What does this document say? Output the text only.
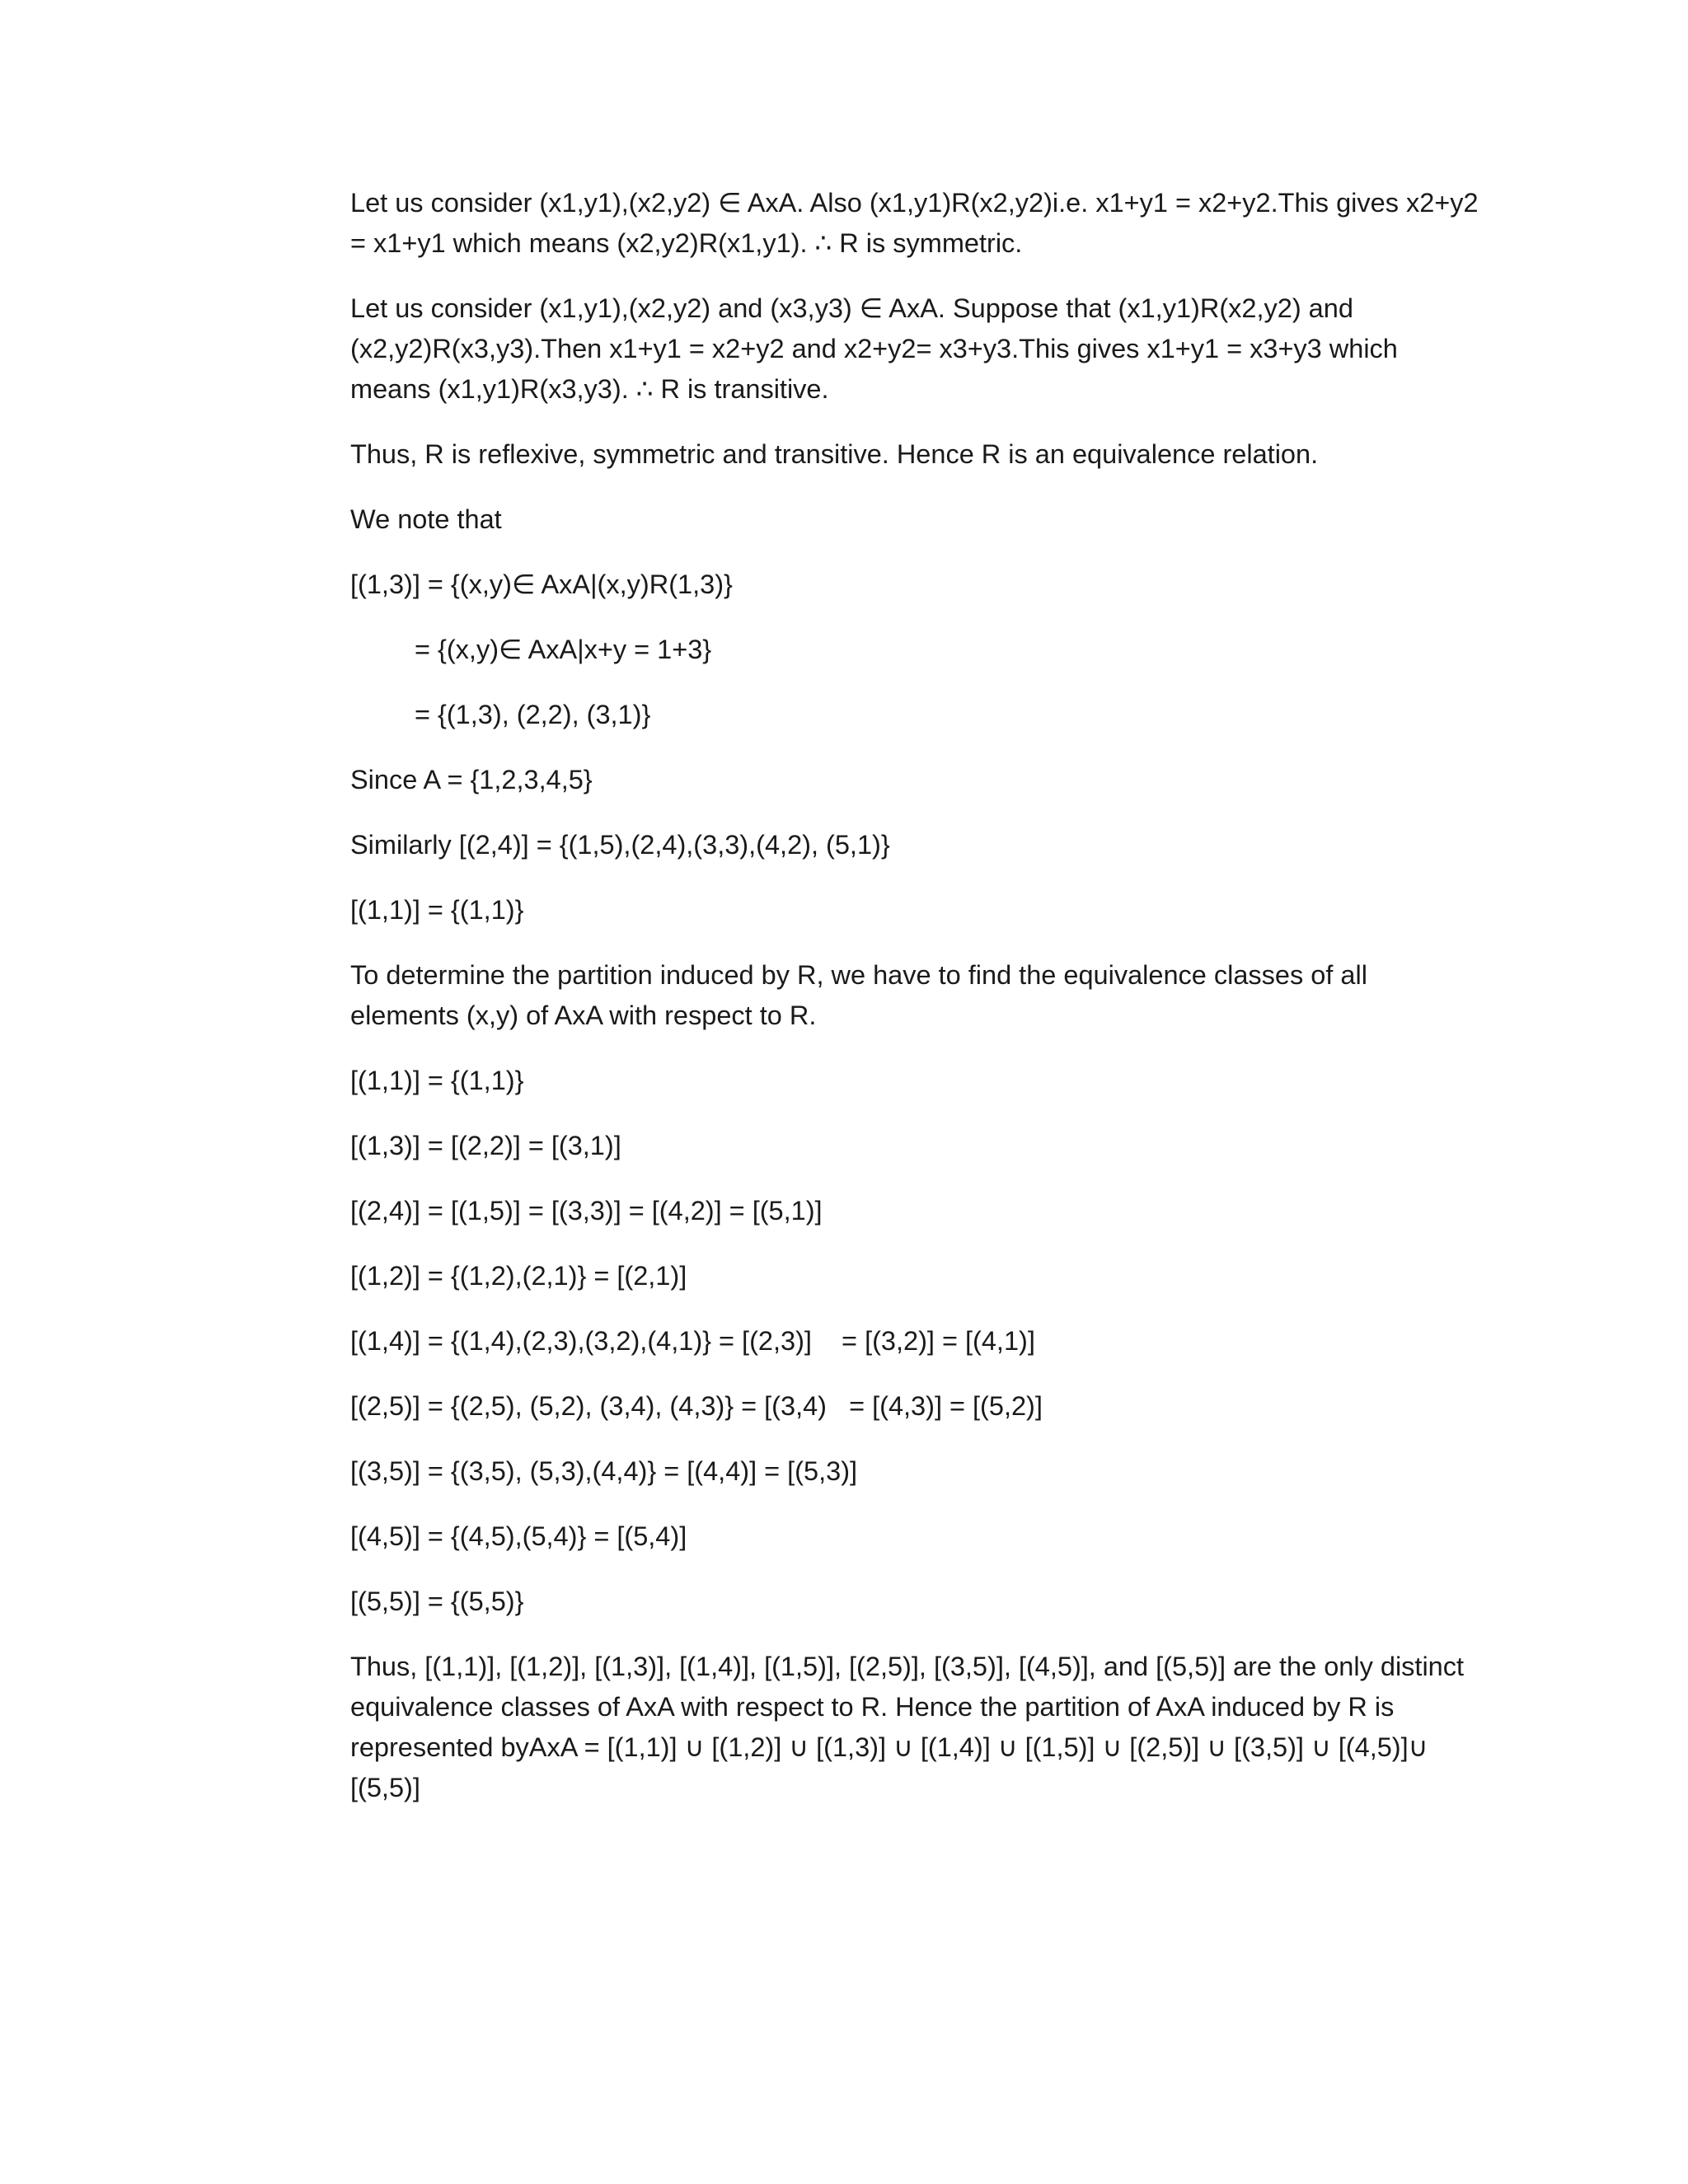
Let us consider (x1,y1),(x2,y2) ∈ AxA. Also (x1,y1)R(x2,y2)i.e. x1+y1 = x2+y2.This gives x2+y2 = x1+y1 which means (x2,y2)R(x1,y1). ∴ R is symmetric.

Let us consider (x1,y1),(x2,y2) and (x3,y3) ∈ AxA. Suppose that (x1,y1)R(x2,y2) and (x2,y2)R(x3,y3).Then x1+y1 = x2+y2 and x2+y2= x3+y3.This gives x1+y1 = x3+y3 which means (x1,y1)R(x3,y3). ∴ R is transitive.

Thus, R is reflexive, symmetric and transitive. Hence R is an equivalence relation.

We note that

[(1,3)] = {(x,y)∈ AxA|(x,y)R(1,3)}

= {(x,y)∈ AxA|x+y = 1+3}

= {(1,3), (2,2), (3,1)}

Since A = {1,2,3,4,5}

Similarly [(2,4)] = {(1,5),(2,4),(3,3),(4,2), (5,1)}

[(1,1)] = {(1,1)}

To determine the partition induced by R, we have to find the equivalence classes of all elements (x,y) of AxA with respect to R.

[(1,1)] = {(1,1)}

[(1,3)] = [(2,2)] = [(3,1)]

[(2,4)] = [(1,5)] = [(3,3)] = [(4,2)] = [(5,1)]

[(1,2)] = {(1,2),(2,1)} = [(2,1)]

[(1,4)] = {(1,4),(2,3),(3,2),(4,1)} = [(2,3)]    = [(3,2)] = [(4,1)]

[(2,5)] = {(2,5), (5,2), (3,4), (4,3)} = [(3,4)   = [(4,3)] = [(5,2)]

[(3,5)] = {(3,5), (5,3),(4,4)} = [(4,4)] = [(5,3)]

[(4,5)] = {(4,5),(5,4)} = [(5,4)]

[(5,5)] = {(5,5)}

Thus, [(1,1)], [(1,2)], [(1,3)], [(1,4)], [(1,5)], [(2,5)], [(3,5)], [(4,5)], and [(5,5)] are the only distinct equivalence classes of AxA with respect to R. Hence the partition of AxA induced by R is represented byAxA = [(1,1)] ∪ [(1,2)] ∪ [(1,3)] ∪ [(1,4)] ∪ [(1,5)] ∪ [(2,5)] ∪ [(3,5)] ∪ [(4,5)]∪ [(5,5)]
